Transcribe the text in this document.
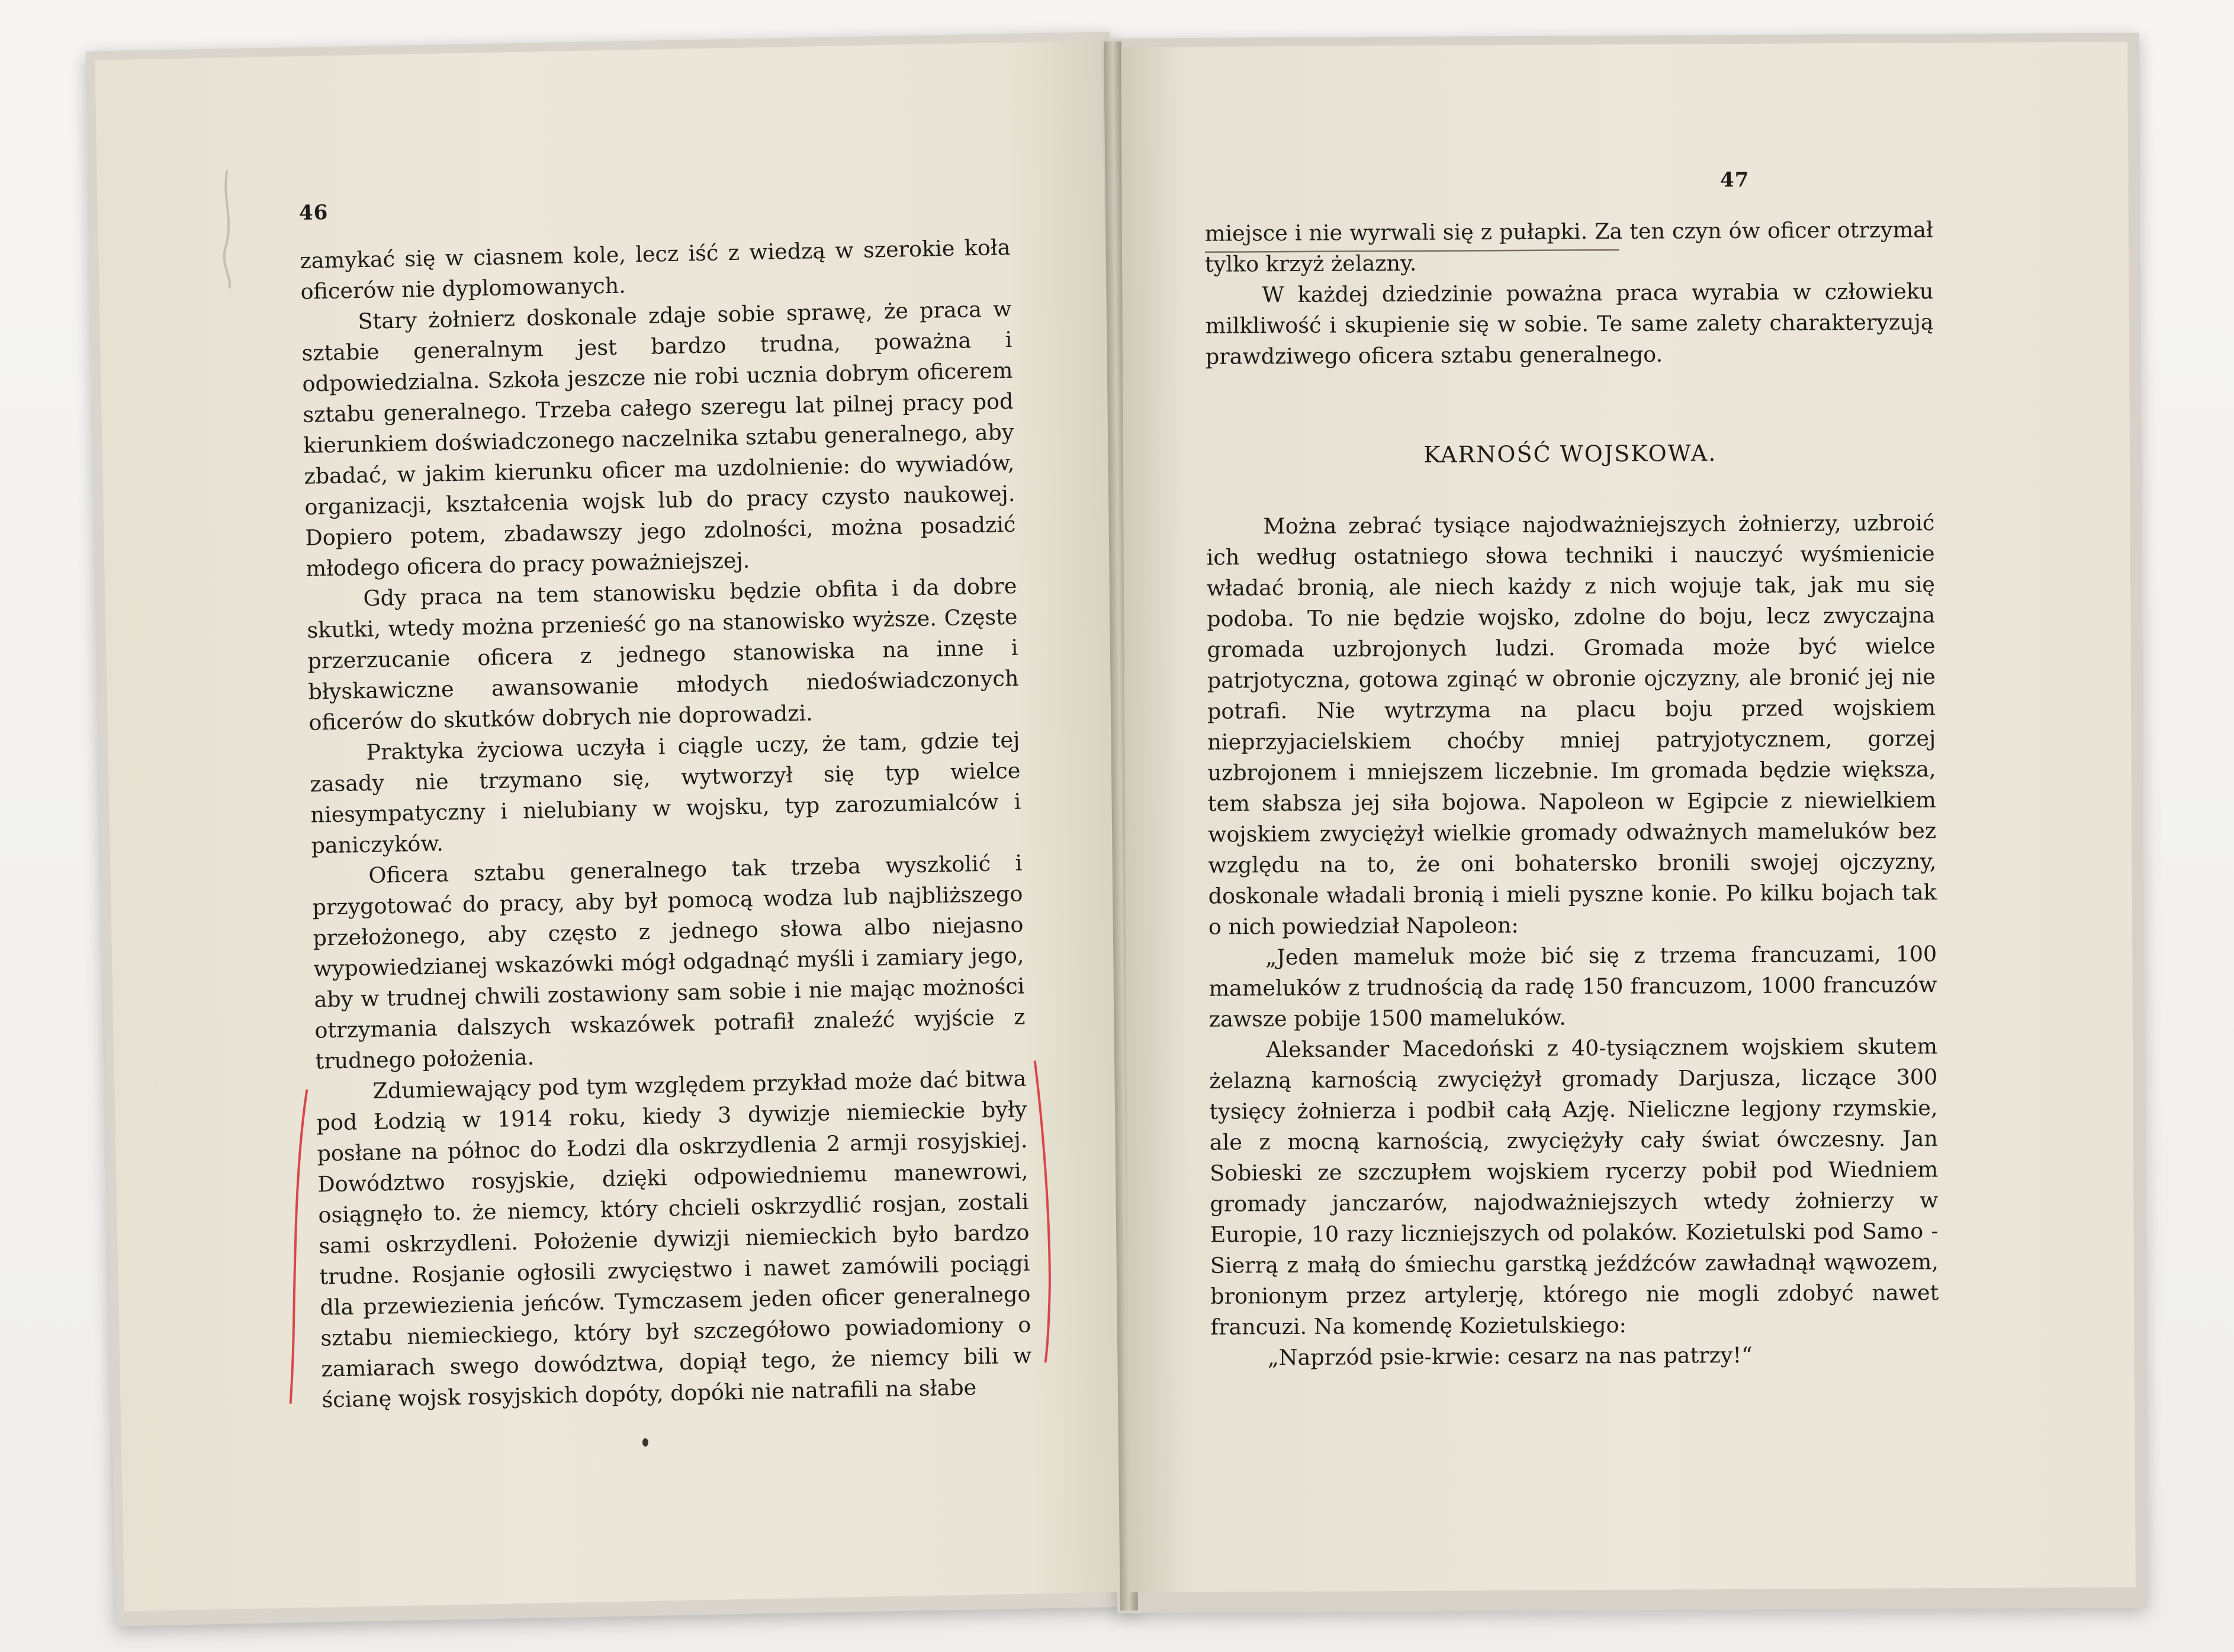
46

zamykać się w ciasnem kole, lecz iść z wiedzą w szerokie koła oficerów nie dyplomowanych.

Stary żołnierz doskonale zdaje sobie sprawę, że praca w sztabie generalnym jest bardzo trudna, poważna i odpowiedzialna. Szkoła jeszcze nie robi ucznia dobrym oficerem sztabu generalnego. Trzeba całego szeregu lat pilnej pracy pod kierunkiem doświadczonego naczelnika sztabu generalnego, aby zbadać, w jakim kierunku oficer ma uzdolnienie: do wywiadów, organizacji, kształcenia wojsk lub do pracy czysto naukowej. Dopiero potem, zbadawszy jego zdolności, można posadzić młodego oficera do pracy poważniejszej.

Gdy praca na tem stanowisku będzie obfita i da dobre skutki, wtedy można przenieść go na stanowisko wyższe. Częste przerzucanie oficera z jednego stanowiska na inne i błyskawiczne awansowanie młodych niedoświadczonych oficerów do skutków dobrych nie doprowadzi.

Praktyka życiowa uczyła i ciągle uczy, że tam, gdzie tej zasady nie trzymano się, wytworzył się typ wielce niesympatyczny i nielubiany w wojsku, typ zarozumialców i paniczyków.

Oficera sztabu generalnego tak trzeba wyszkolić i przygotować do pracy, aby był pomocą wodza lub najbliższego przełożonego, aby często z jednego słowa albo niejasno wypowiedzianej wskazówki mógł odgadnąć myśli i zamiary jego, aby w trudnej chwili zostawiony sam sobie i nie mając możności otrzymania dalszych wskazówek potrafił znaleźć wyjście z trudnego położenia.

Zdumiewający pod tym względem przykład może dać bitwa pod Łodzią w 1914 roku, kiedy 3 dywizje niemieckie były posłane na północ do Łodzi dla oskrzydlenia 2 armji rosyjskiej. Dowództwo rosyjskie, dzięki odpowiedniemu manewrowi, osiągnęło to. że niemcy, który chcieli oskrzydlić rosjan, zostali sami oskrzydleni. Położenie dywizji niemieckich było bardzo trudne. Rosjanie ogłosili zwycięstwo i nawet zamówili pociągi dla przewiezienia jeńców. Tymczasem jeden oficer generalnego sztabu niemieckiego, który był szczegółowo powiadomiony o zamiarach swego dowództwa, dopiął tego, że niemcy bili w ścianę wojsk rosyjskich dopóty, dopóki nie natrafili na słabe

47

miejsce i nie wyrwali się z pułapki. Za ten czyn ów oficer otrzymał tylko krzyż żelazny.

W każdej dziedzinie poważna praca wyrabia w człowieku milkliwość i skupienie się w sobie. Te same zalety charakteryzują prawdziwego oficera sztabu generalnego.

KARNOŚĆ WOJSKOWA.

Można zebrać tysiące najodważniejszych żołnierzy, uzbroić ich według ostatniego słowa techniki i nauczyć wyśmienicie władać bronią, ale niech każdy z nich wojuje tak, jak mu się podoba. To nie będzie wojsko, zdolne do boju, lecz zwyczajna gromada uzbrojonych ludzi. Gromada może być wielce patrjotyczna, gotowa zginąć w obronie ojczyzny, ale bronić jej nie potrafi. Nie wytrzyma na placu boju przed wojskiem nieprzyjacielskiem choćby mniej patryjotycznem, gorzej uzbrojonem i mniejszem liczebnie. Im gromada będzie większa, tem słabsza jej siła bojowa. Napoleon w Egipcie z niewielkiem wojskiem zwyciężył wielkie gromady odważnych mameluków bez względu na to, że oni bohatersko bronili swojej ojczyzny, doskonale władali bronią i mieli pyszne konie. Po kilku bojach tak o nich powiedział Napoleon:

„Jeden mameluk może bić się z trzema francuzami, 100 mameluków z trudnością da radę 150 francuzom, 1000 francuzów zawsze pobije 1500 mameluków.

Aleksander Macedoński z 40-tysiącznem wojskiem skutem żelazną karnością zwyciężył gromady Darjusza, liczące 300 tysięcy żołnierza i podbił całą Azję. Nieliczne legjony rzymskie, ale z mocną karnością, zwyciężyły cały świat ówczesny. Jan Sobieski ze szczupłem wojskiem rycerzy pobił pod Wiedniem gromady janczarów, najodważniejszych wtedy żołnierzy w Europie, 10 razy liczniejszych od polaków. Kozietulski pod Samo - Sierrą z małą do śmiechu garstką jeźdźców zawładnął wąwozem, bronionym przez artylerję, którego nie mogli zdobyć nawet francuzi. Na komendę Kozietulskiego:

„Naprzód psie-krwie: cesarz na nas patrzy!“
